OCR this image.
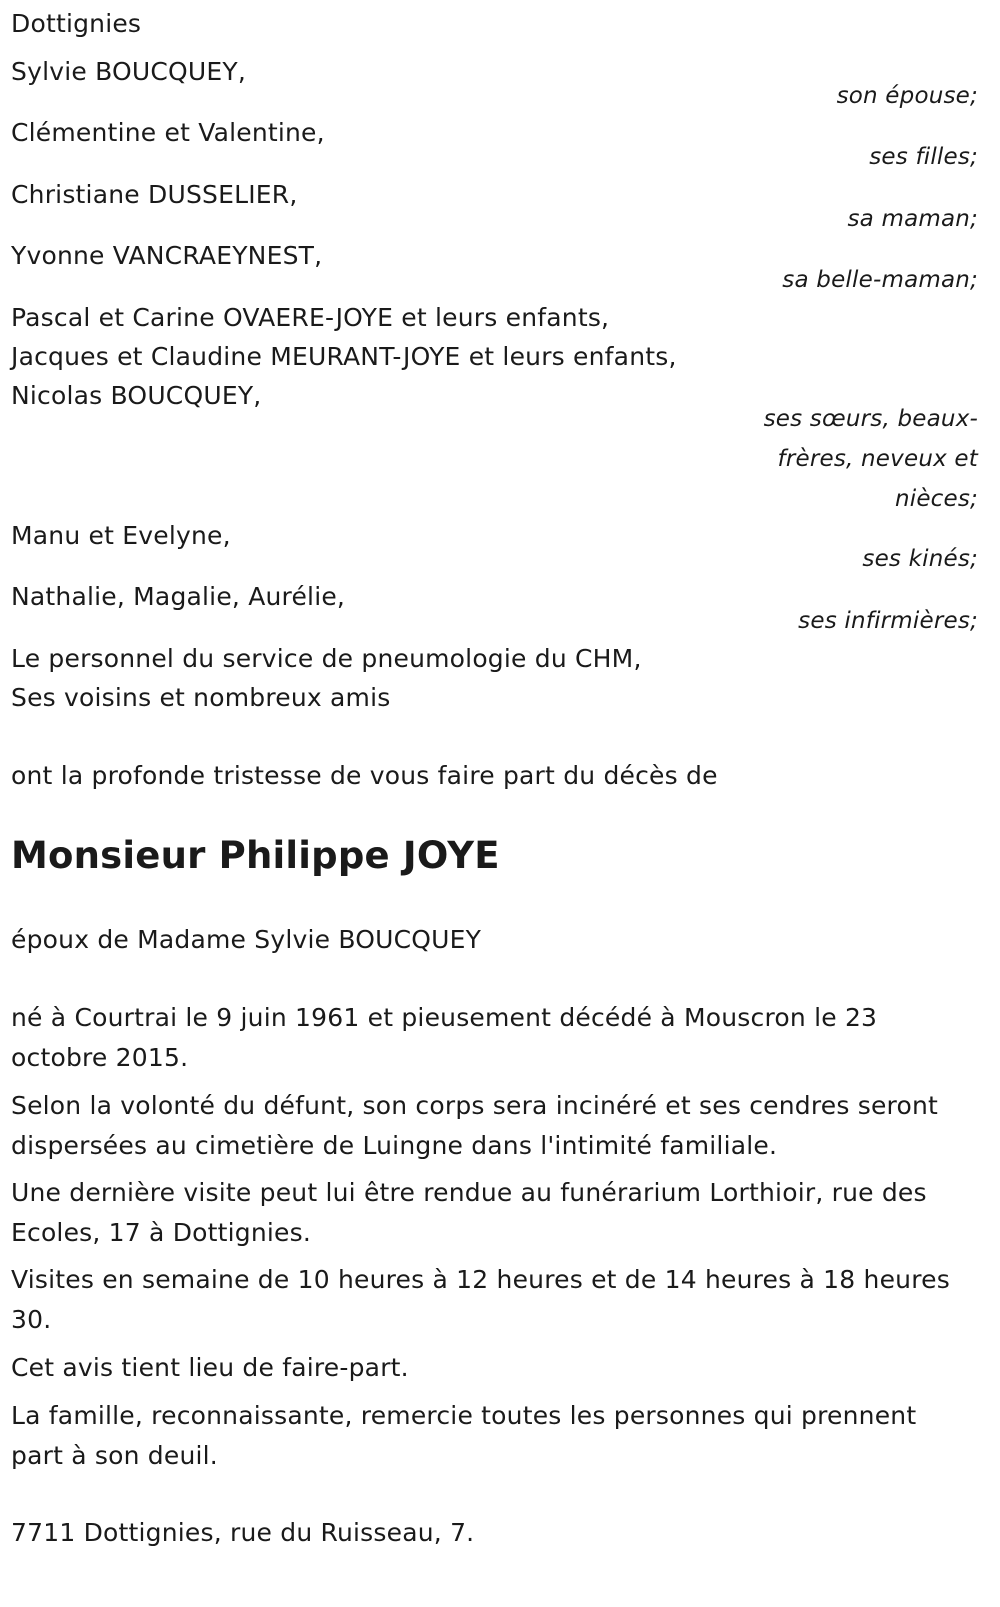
Dottignies
Sylvie BOUCQUEY,
son épouse;
Clémentine et Valentine,
ses filles;
Christiane DUSSELIER,
sa maman;
Yvonne VANCRAEYNEST,
sa belle-maman;
Pascal et Carine OVAERE-JOYE et leurs enfants,
Jacques et Claudine MEURANT-JOYE et leurs enfants,
Nicolas BOUCQUEY,
ses sœurs, beaux-frères, neveux et nièces;
Manu et Evelyne,
ses kinés;
Nathalie, Magalie, Aurélie,
ses infirmières;
Le personnel du service de pneumologie du CHM,
Ses voisins et nombreux amis
ont la profonde tristesse de vous faire part du décès de
Monsieur Philippe JOYE
époux de Madame Sylvie BOUCQUEY
né à Courtrai le 9 juin 1961 et pieusement décédé à Mouscron le 23 octobre 2015.
Selon la volonté du défunt, son corps sera incinéré et ses cendres seront dispersées au cimetière de Luingne dans l'intimité familiale.
Une dernière visite peut lui être rendue au funérarium Lorthioir, rue des Ecoles, 17 à Dottignies.
Visites en semaine de 10 heures à 12 heures et de 14 heures à 18 heures 30.
Cet avis tient lieu de faire-part.
La famille, reconnaissante, remercie toutes les personnes qui prennent part à son deuil.
7711 Dottignies, rue du Ruisseau, 7.
